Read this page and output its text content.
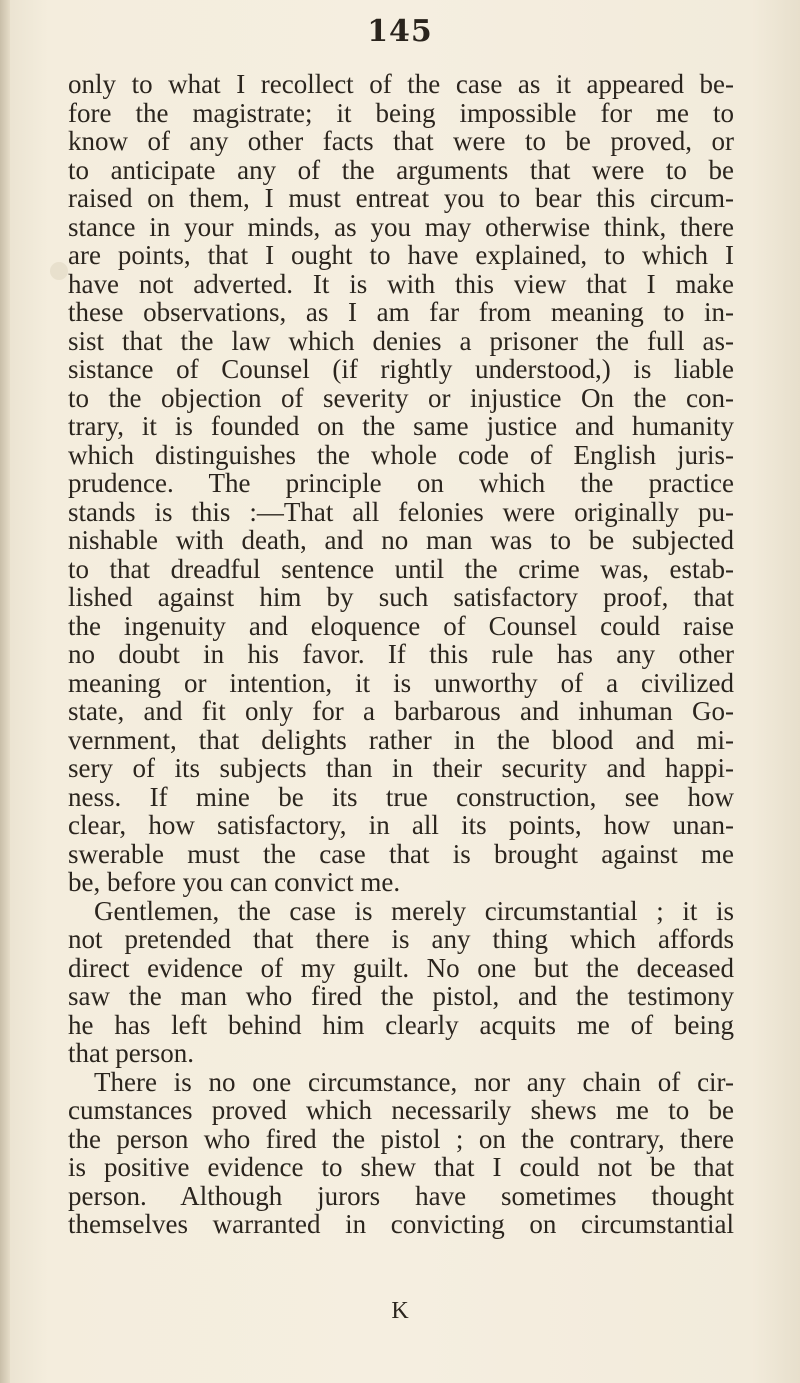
145
only to what I recollect of the case as it appeared be-
fore the magistrate; it being impossible for me to
know of any other facts that were to be proved, or
to anticipate any of the arguments that were to be
raised on them, I must entreat you to bear this circum-
stance in your minds, as you may otherwise think, there
are points, that I ought to have explained, to which I
have not adverted. It is with this view that I make
these observations, as I am far from meaning to in-
sist that the law which denies a prisoner the full as-
sistance of Counsel (if rightly understood,) is liable
to the objection of severity or injustice On the con-
trary, it is founded on the same justice and humanity
which distinguishes the whole code of English juris-
prudence. The principle on which the practice
stands is this :—That all felonies were originally pu-
nishable with death, and no man was to be subjected
to that dreadful sentence until the crime was, estab-
lished against him by such satisfactory proof, that
the ingenuity and eloquence of Counsel could raise
no doubt in his favor. If this rule has any other
meaning or intention, it is unworthy of a civilized
state, and fit only for a barbarous and inhuman Go-
vernment, that delights rather in the blood and mi-
sery of its subjects than in their security and happi-
ness. If mine be its true construction, see how
clear, how satisfactory, in all its points, how unan-
swerable must the case that is brought against me
be, before you can convict me.
Gentlemen, the case is merely circumstantial ; it is
not pretended that there is any thing which affords
direct evidence of my guilt. No one but the deceased
saw the man who fired the pistol, and the testimony
he has left behind him clearly acquits me of being
that person.
There is no one circumstance, nor any chain of cir-
cumstances proved which necessarily shews me to be
the person who fired the pistol ; on the contrary, there
is positive evidence to shew that I could not be that
person. Although jurors have sometimes thought
themselves warranted in convicting on circumstantial
K
